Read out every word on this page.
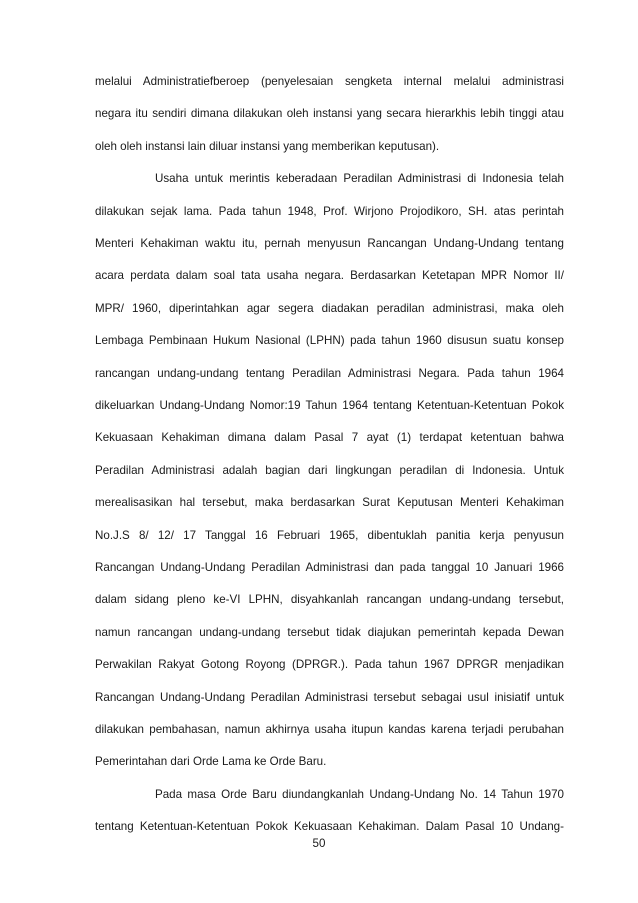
melalui Administratiefberoep (penyelesaian sengketa internal melalui administrasi
negara itu sendiri dimana dilakukan oleh instansi yang secara hierarkhis lebih tinggi atau
oleh oleh instansi lain diluar instansi yang memberikan keputusan).
Usaha untuk merintis keberadaan Peradilan Administrasi di Indonesia telah
dilakukan sejak lama. Pada tahun 1948, Prof. Wirjono Projodikoro, SH. atas perintah
Menteri Kehakiman waktu itu, pernah menyusun Rancangan Undang-Undang tentang
acara perdata dalam soal tata usaha negara. Berdasarkan Ketetapan MPR Nomor II/
MPR/ 1960, diperintahkan agar segera diadakan peradilan administrasi, maka oleh
Lembaga Pembinaan Hukum Nasional (LPHN) pada tahun 1960 disusun suatu konsep
rancangan undang-undang tentang Peradilan Administrasi Negara. Pada tahun 1964
dikeluarkan Undang-Undang Nomor:19 Tahun 1964 tentang Ketentuan-Ketentuan Pokok
Kekuasaan Kehakiman dimana dalam Pasal 7 ayat (1) terdapat ketentuan bahwa
Peradilan Administrasi adalah bagian dari lingkungan peradilan di Indonesia. Untuk
merealisasikan hal tersebut, maka berdasarkan Surat Keputusan Menteri Kehakiman
No.J.S 8/ 12/ 17 Tanggal 16 Februari 1965, dibentuklah panitia kerja penyusun
Rancangan Undang-Undang Peradilan Administrasi dan pada tanggal 10 Januari 1966
dalam sidang pleno ke-VI LPHN, disyahkanlah rancangan undang-undang tersebut,
namun rancangan undang-undang tersebut tidak diajukan pemerintah kepada Dewan
Perwakilan Rakyat Gotong Royong (DPRGR.). Pada tahun 1967 DPRGR menjadikan
Rancangan Undang-Undang Peradilan Administrasi tersebut sebagai usul inisiatif untuk
dilakukan pembahasan, namun akhirnya usaha itupun kandas karena terjadi perubahan
Pemerintahan dari Orde Lama ke Orde Baru.
Pada masa Orde Baru diundangkanlah Undang-Undang No. 14 Tahun 1970
tentang Ketentuan-Ketentuan Pokok Kekuasaan Kehakiman. Dalam Pasal 10 Undang-
50
